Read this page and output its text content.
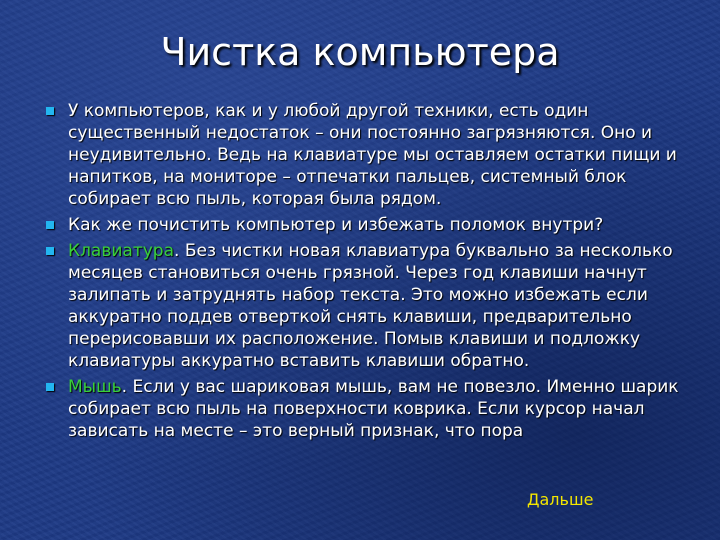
Чистка компьютера
У компьютеров, как и у любой другой техники, есть один существенный недостаток – они постоянно загрязняются. Оно и неудивительно. Ведь на клавиатуре мы оставляем остатки пищи и напитков, на мониторе – отпечатки пальцев, системный блок собирает всю пыль, которая была рядом.
Как же почистить компьютер и избежать поломок внутри?
Клавиатура. Без чистки новая клавиатура буквально за несколько месяцев становиться очень грязной. Через год клавиши начнут залипать и затруднять набор текста. Это можно избежать если аккуратно поддев отверткой снять клавиши, предварительно перерисовавши их расположение. Помыв клавиши и подложку клавиатуры аккуратно вставить клавиши обратно.
Мышь. Если у вас шариковая мышь, вам не повезло. Именно шарик собирает всю пыль на поверхности коврика. Если курсор начал зависать на месте – это верный признак, что пора
Дальше
